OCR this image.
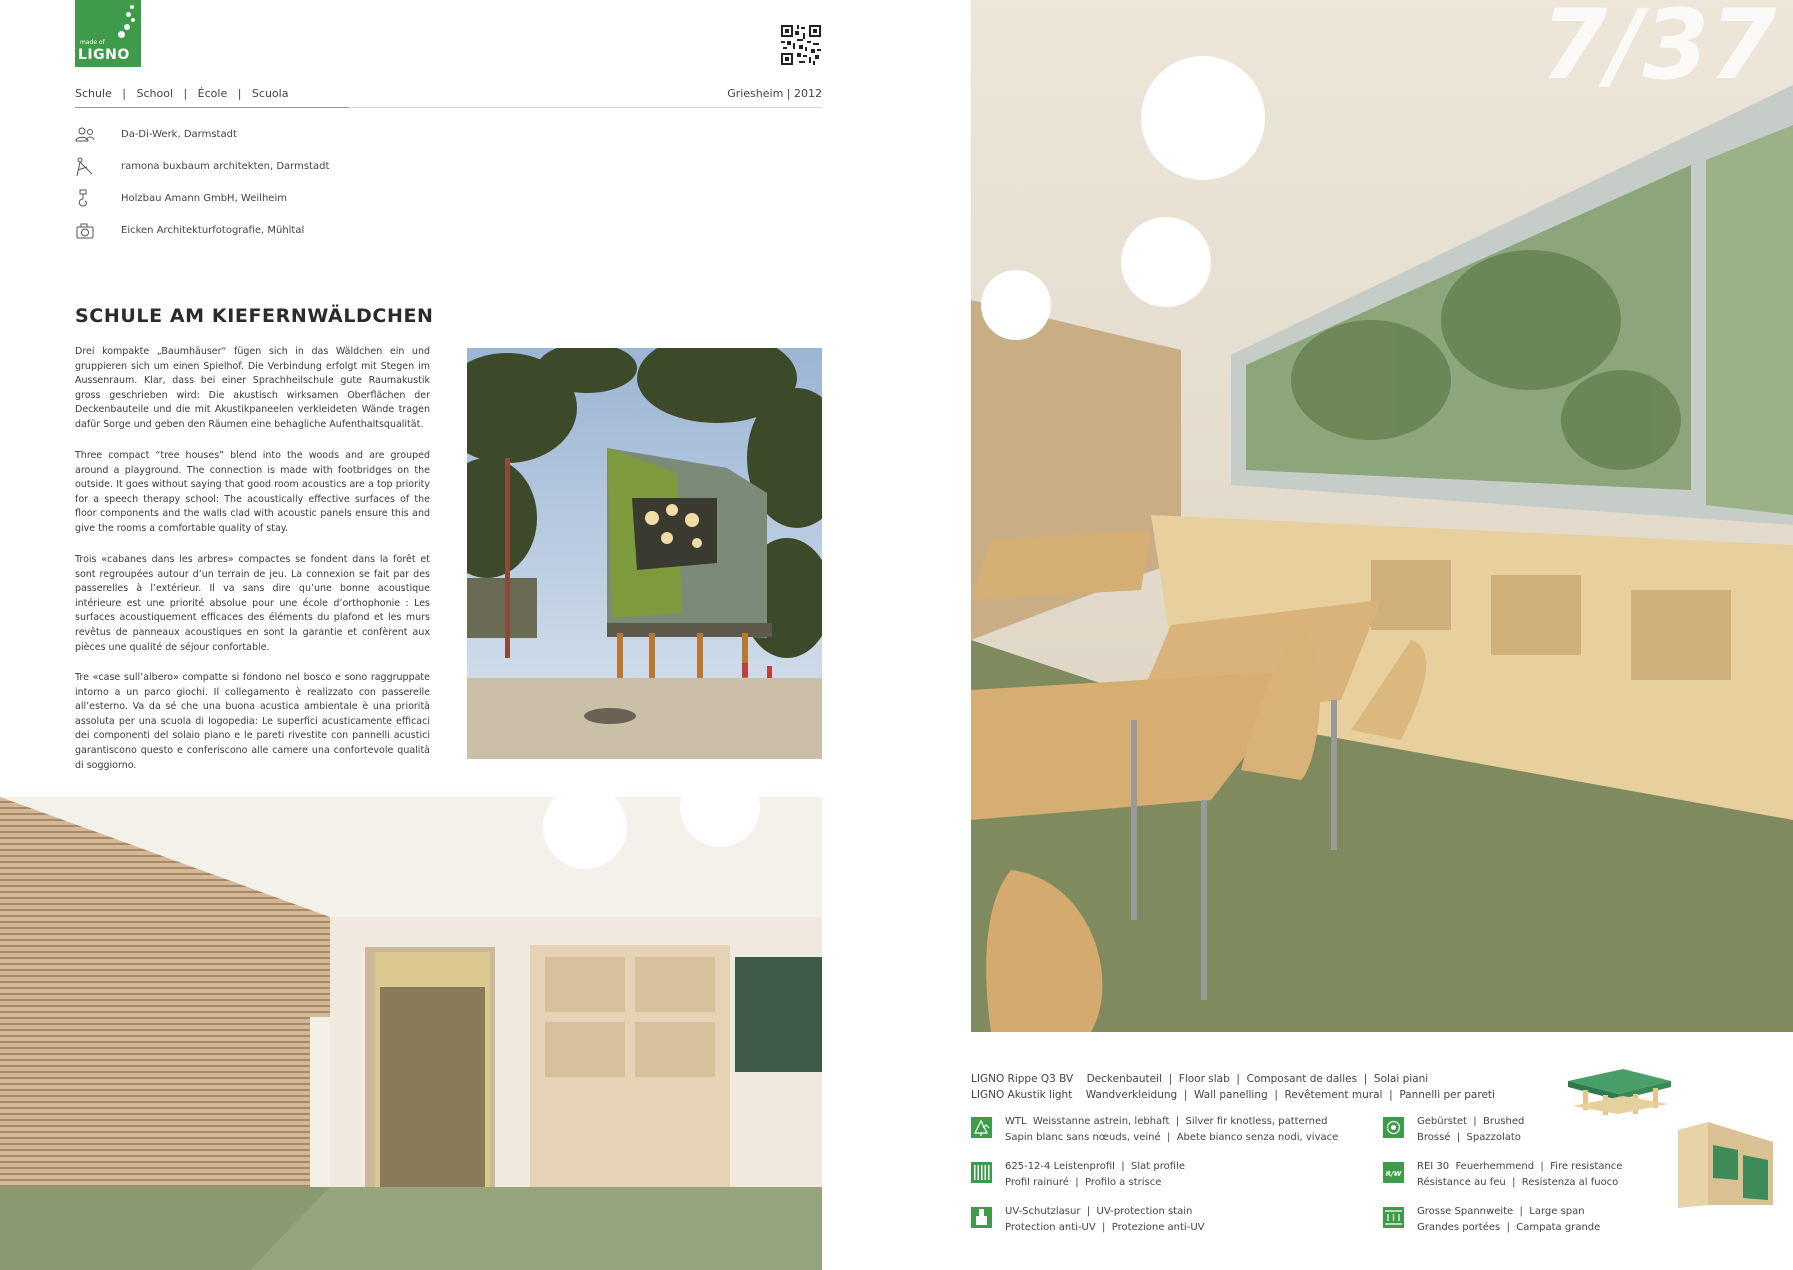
made of
LIGNO
Schule   |   School   |   École   |   Scuola	Griesheim | 2012
Da-Di-Werk, Darmstadt
ramona buxbaum architekten, Darmstadt
Holzbau Amann GmbH, Weilheim
Eicken Architekturfotografie, Mühltal
SCHULE AM KIEFERNWÄLDCHEN

Drei kompakte „Baumhäuser“ fügen sich in das Wäldchen ein und gruppieren sich um einen Spielhof. Die Verbindung erfolgt mit Stegen im Aussenraum. Klar, dass bei einer Sprachheilschule gute Raumakustik gross geschrieben wird: Die akustisch wirksamen Oberflächen der Deckenbauteile und die mit Akustikpaneelen verkleideten Wände tragen dafür Sorge und geben den Räumen eine behagliche Aufenthaltsqualität.

Three compact “tree houses” blend into the woods and are grouped around a playground. The connection is made with footbridges on the outside. It goes without saying that good room acoustics are a top priority for a speech therapy school: The acoustically effective surfaces of the floor components and the walls clad with acoustic panels ensure this and give the rooms a comfortable quality of stay.

Trois «cabanes dans les arbres» compactes se fondent dans la forêt et sont regroupées autour d’un terrain de jeu. La connexion se fait par des passerelles à l’extérieur. Il va sans dire qu’une bonne acoustique intérieure est une priorité absolue pour une école d’orthophonie : Les surfaces acoustiquement efficaces des éléments du plafond et les murs revêtus de panneaux acoustiques en sont la garantie et confèrent aux pièces une qualité de séjour confortable.

Tre «case sull’albero» compatte si fondono nel bosco e sono raggruppate intorno a un parco giochi. Il collegamento è realizzato con passerelle all’esterno. Va da sé che una buona acustica ambientale è una priorità assoluta per una scuola di logopedia: Le superfici acusticamente efficaci dei componenti del solaio piano e le pareti rivestite con pannelli acustici garantiscono questo e conferiscono alle camere una confortevole qualità di soggiorno.

7/37
LIGNO Rippe Q3 BV Deckenbauteil  |  Floor slab  |  Composant de dalles  |  Solai piani
LIGNO Akustik light Wandverkleidung  |  Wall panelling  |  Revêtement mural  |  Pannelli per pareti
WTL  Weisstanne astrein, lebhaft  |  Silver fir knotless, patterned
Sapin blanc sans nœuds, veiné  |  Abete bianco senza nodi, vivace
Gebürstet  |  Brushed
Brossé  |  Spazzolato
625-12-4 Leistenprofil  |  Slat profile
Profil rainuré  |  Profilo a strisce
R/W
REI 30  Feuerhemmend  |  Fire resistance
Résistance au feu  |  Resistenza al fuoco
UV-Schutzlasur  |  UV-protection stain
Protection anti-UV  |  Protezione anti-UV
Grosse Spannweite  |  Large span
Grandes portées  |  Campata grande
